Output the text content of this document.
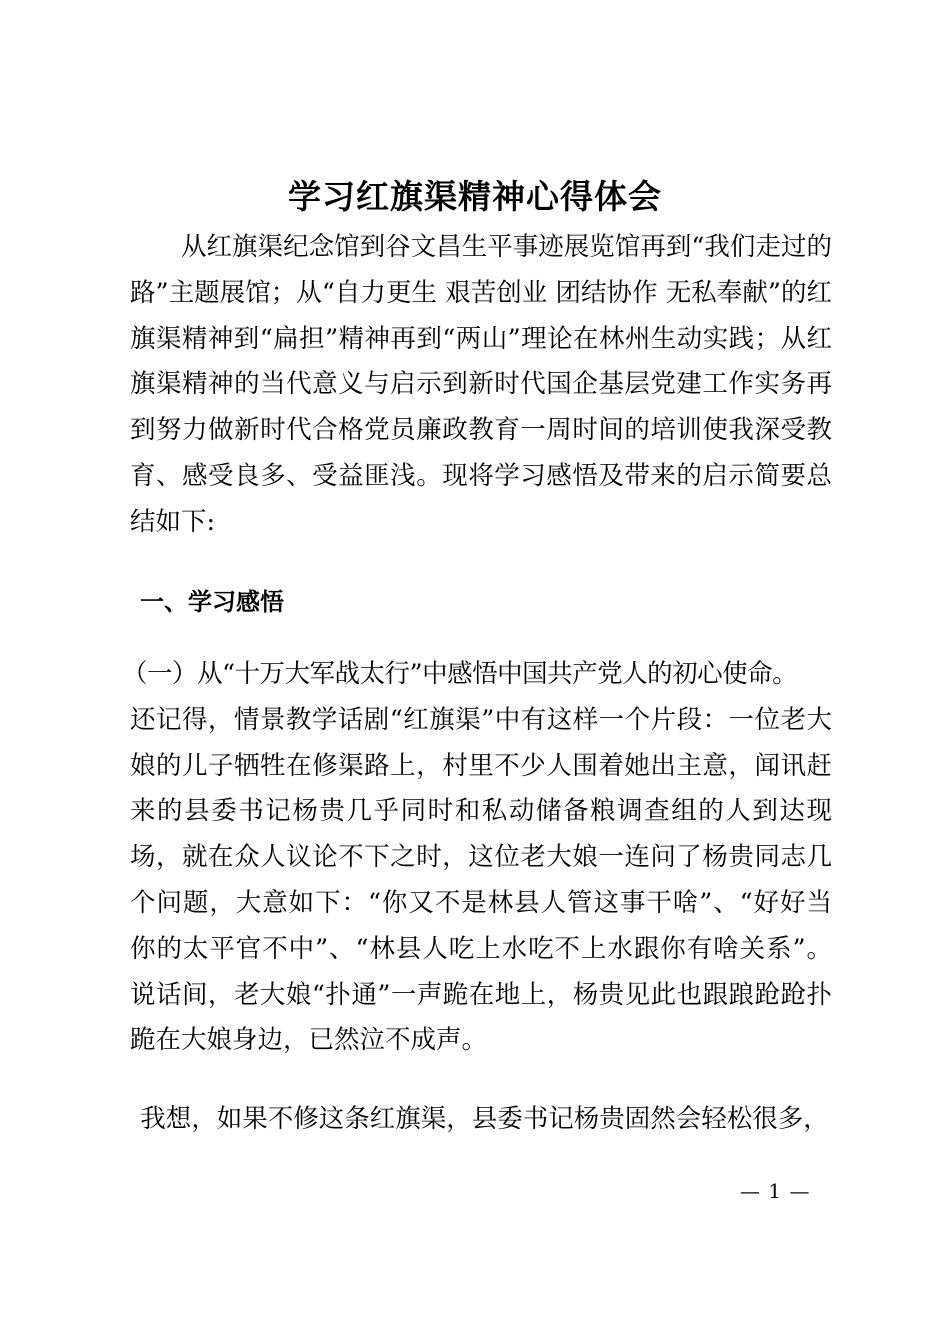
学习红旗渠精神心得体会
从红旗渠纪念馆到谷文昌生平事迹展览馆再到“我们走过的路”主题展馆；从“自力更生 艰苦创业 团结协作 无私奉献”的红旗渠精神到“扁担”精神再到“两山”理论在林州生动实践；从红旗渠精神的当代意义与启示到新时代国企基层党建工作实务再到努力做新时代合格党员廉政教育一周时间的培训使我深受教育、感受良多、受益匪浅。现将学习感悟及带来的启示简要总结如下:
一、学习感悟
（一）从“十万大军战太行”中感悟中国共产党人的初心使命。
还记得，情景教学话剧“红旗渠”中有这样一个片段：一位老大娘的儿子牺牲在修渠路上，村里不少人围着她出主意，闻讯赶来的县委书记杨贵几乎同时和私动储备粮调查组的人到达现场，就在众人议论不下之时，这位老大娘一连问了杨贵同志几个问题，大意如下：“你又不是林县人管这事干啥”、“好好当你的太平官不中”、“林县人吃上水吃不上水跟你有啥关系”。说话间，老大娘“扑通”一声跪在地上，杨贵见此也跟踉跄跄扑跪在大娘身边，已然泣不成声。
我想，如果不修这条红旗渠，县委书记杨贵固然会轻松很多，
— 1 —
